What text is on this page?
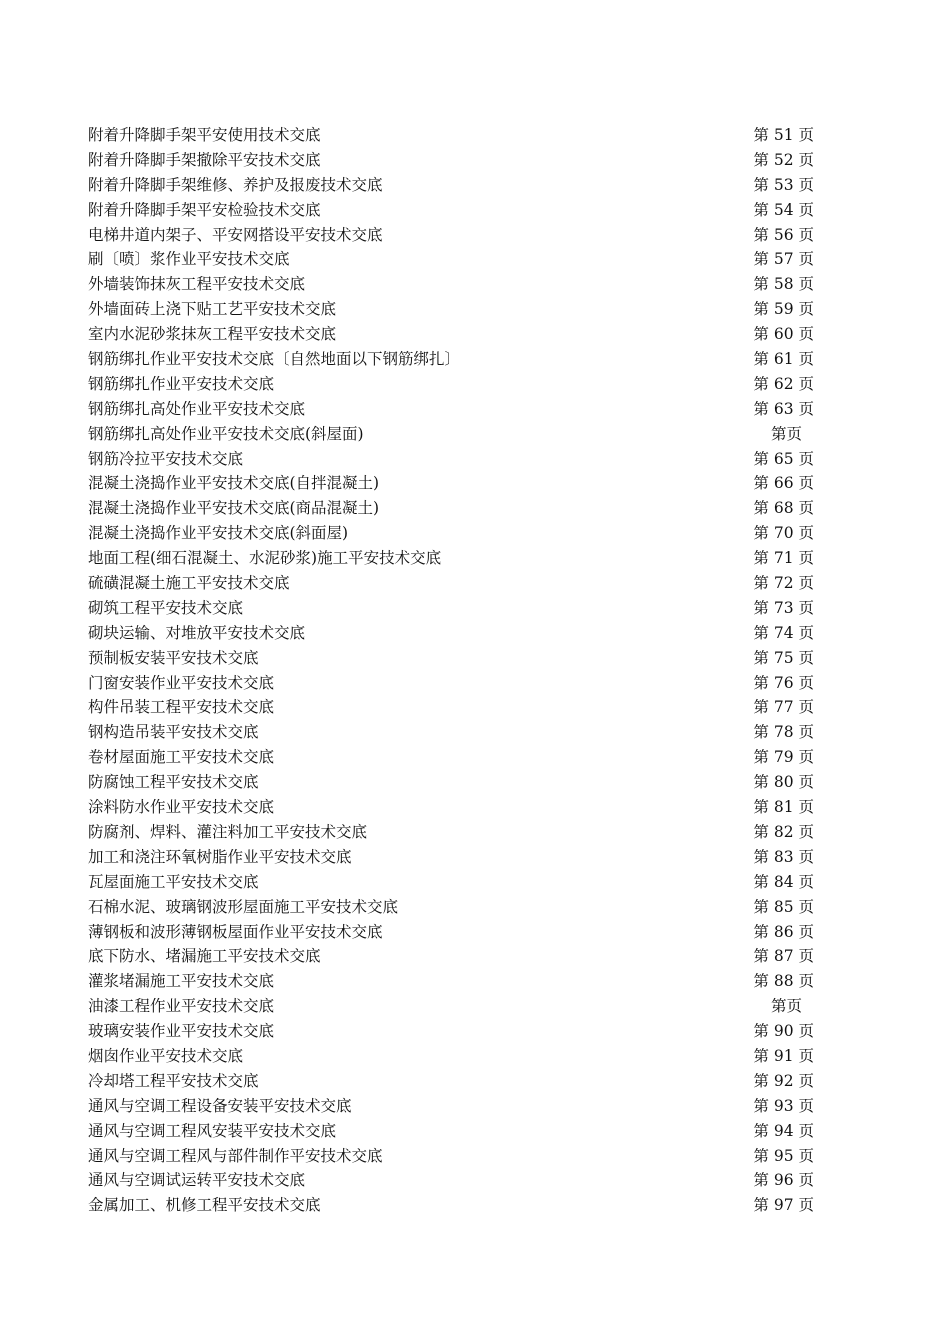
附着升降脚手架平安使用技术交底	第 51 页
附着升降脚手架撤除平安技术交底	第 52 页
附着升降脚手架维修、养护及报废技术交底	第 53 页
附着升降脚手架平安检验技术交底	第 54 页
电梯井道内架子、平安网搭设平安技术交底	第 56 页
刷〔喷〕浆作业平安技术交底	第 57 页
外墙装饰抹灰工程平安技术交底	第 58 页
外墙面砖上浇下贴工艺平安技术交底	第 59 页
室内水泥砂浆抹灰工程平安技术交底	第 60 页
钢筋绑扎作业平安技术交底〔自然地面以下钢筋绑扎〕	第 61 页
钢筋绑扎作业平安技术交底	第 62 页
钢筋绑扎高处作业平安技术交底	第 63 页
钢筋绑扎高处作业平安技术交底(斜屋面)	第页
钢筋冷拉平安技术交底	第 65 页
混凝土浇捣作业平安技术交底(自拌混凝土)	第 66 页
混凝土浇捣作业平安技术交底(商品混凝土)	第 68 页
混凝土浇捣作业平安技术交底(斜面屋)	第 70 页
地面工程(细石混凝土、水泥砂浆)施工平安技术交底	第 71 页
硫磺混凝土施工平安技术交底	第 72 页
砌筑工程平安技术交底	第 73 页
砌块运输、对堆放平安技术交底	第 74 页
预制板安装平安技术交底	第 75 页
门窗安装作业平安技术交底	第 76 页
构件吊装工程平安技术交底	第 77 页
钢构造吊装平安技术交底	第 78 页
卷材屋面施工平安技术交底	第 79 页
防腐蚀工程平安技术交底	第 80 页
涂料防水作业平安技术交底	第 81 页
防腐剂、焊料、灌注料加工平安技术交底	第 82 页
加工和浇注环氧树脂作业平安技术交底	第 83 页
瓦屋面施工平安技术交底	第 84 页
石棉水泥、玻璃钢波形屋面施工平安技术交底	第 85 页
薄钢板和波形薄钢板屋面作业平安技术交底	第 86 页
底下防水、堵漏施工平安技术交底	第 87 页
灌浆堵漏施工平安技术交底	第 88 页
油漆工程作业平安技术交底	第页
玻璃安装作业平安技术交底	第 90 页
烟囱作业平安技术交底	第 91 页
冷却塔工程平安技术交底	第 92 页
通风与空调工程设备安装平安技术交底	第 93 页
通风与空调工程风安装平安技术交底	第 94 页
通风与空调工程风与部件制作平安技术交底	第 95 页
通风与空调试运转平安技术交底	第 96 页
金属加工、机修工程平安技术交底	第 97 页
